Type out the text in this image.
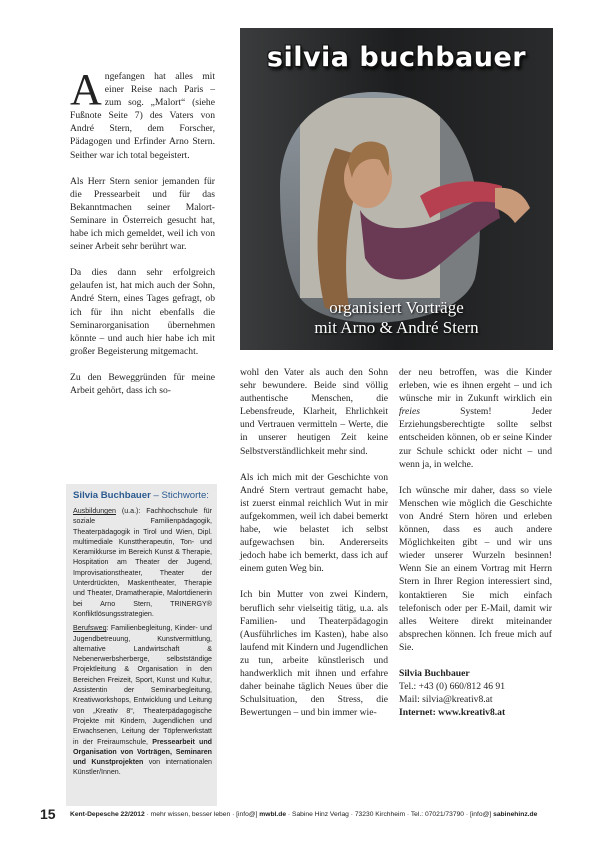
silvia buchbauer
organisiert Vorträge
mit Arno & André Stern

Angefangen hat alles mit einer Reise nach Paris – zum sog. „Malort“ (siehe Fußnote Seite 7) des Vaters von André Stern, dem Forscher, Pädagogen und Erfinder Arno Stern. Seither war ich total begeistert.

Als Herr Stern senior jemanden für die Pressearbeit und für das Bekanntmachen seiner Malort-Seminare in Österreich gesucht hat, habe ich mich gemeldet, weil ich von seiner Arbeit sehr berührt war.

Da dies dann sehr erfolgreich gelaufen ist, hat mich auch der Sohn, André Stern, eines Tages gefragt, ob ich für ihn nicht ebenfalls die Seminarorganisation übernehmen könnte – und auch hier habe ich mit großer Begeisterung mitgemacht.

Zu den Beweggründen für meine Arbeit gehört, dass ich so-

Silvia Buchbauer – Stichworte:

Ausbildungen (u.a.): Fachhochschule für soziale Familienpädagogik, Theaterpädagogik in Tirol und Wien, Dipl. multimediale Kunsttherapeutin, Ton- und Keramikkurse im Bereich Kunst & Therapie, Hospitation am Theater der Jugend, Improvisationstheater, Theater der Unterdrückten, Maskentheater, Therapie und Theater, Dramatherapie, Malortdienerin bei Arno Stern, TRINERGY® Konfliktlösungsstrategien.

Berufsweg: Familienbegleitung, Kinder- und Jugendbetreuung, Kunstvermittlung, alternative Landwirtschaft & Nebenerwerbsherberge, selbstständige Projektleitung & Organisation in den Bereichen Freizeit, Sport, Kunst und Kultur, Assistentin der Seminarbegleitung, Kreativworkshops, Entwicklung und Leitung von „Kreativ 8“, Theaterpädagogische Projekte mit Kindern, Jugendlichen und Erwachsenen, Leitung der Töpferwerkstatt in der Freiraumschule, Pressearbeit und Organisation von Vorträgen, Seminaren und Kunstprojekten von internationalen Künstler/Innen.

wohl den Vater als auch den Sohn sehr bewundere. Beide sind völlig authentische Menschen, die Lebensfreude, Klarheit, Ehrlichkeit und Vertrauen vermitteln – Werte, die in unserer heutigen Zeit keine Selbstverständlichkeit mehr sind.

Als ich mich mit der Geschichte von André Stern vertraut gemacht habe, ist zuerst einmal reichlich Wut in mir aufgekommen, weil ich dabei bemerkt habe, wie belastet ich selbst aufgewachsen bin. Andererseits jedoch habe ich bemerkt, dass ich auf einem guten Weg bin.

Ich bin Mutter von zwei Kindern, beruflich sehr vielseitig tätig, u.a. als Familien- und Theaterpädagogin (Ausführliches im Kasten), habe also laufend mit Kindern und Jugendlichen zu tun, arbeite künstlerisch und handwerklich mit ihnen und erfahre daher beinahe täglich Neues über die Schulsituation, den Stress, die Bewertungen – und bin immer wie-

der neu betroffen, was die Kinder erleben, wie es ihnen ergeht – und ich wünsche mir in Zukunft wirklich ein freies System! Jeder Erziehungsberechtigte sollte selbst entscheiden können, ob er seine Kinder zur Schule schickt oder nicht – und wenn ja, in welche.

Ich wünsche mir daher, dass so viele Menschen wie möglich die Geschichte von André Stern hören und erleben können, dass es auch andere Möglichkeiten gibt – und wir uns wieder unserer Wurzeln besinnen! Wenn Sie an einem Vortrag mit Herrn Stern in Ihrer Region interessiert sind, kontaktieren Sie mich einfach telefonisch oder per E-Mail, damit wir alles Weitere direkt miteinander absprechen können. Ich freue mich auf Sie.

Silvia Buchbauer
Tel.: +43 (0) 660/812 46 91
Mail: silvia@kreativ8.at
Internet: www.kreativ8.at
15 Kent-Depesche 22/2012 · mehr wissen, besser leben · [info@] mwbl.de · Sabine Hinz Verlag · 73230 Kirchheim · Tel.: 07021/73790 · [info@] sabinehinz.de
